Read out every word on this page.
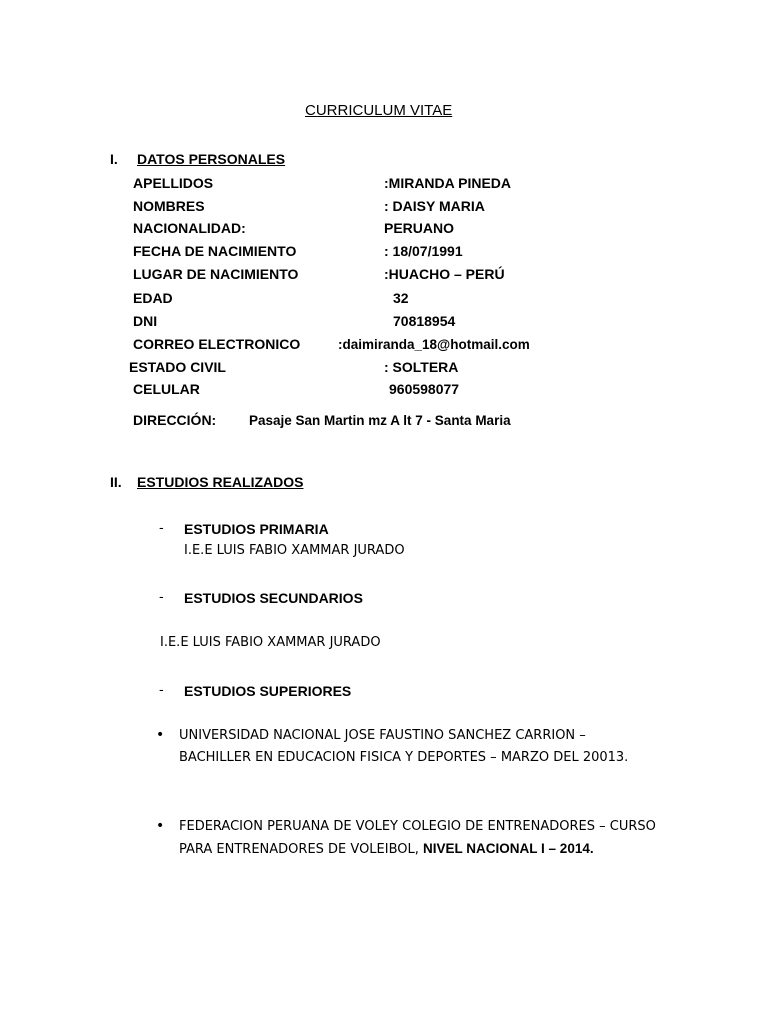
CURRICULUM VITAE
I. DATOS PERSONALES
APELLIDOS	:MIRANDA PINEDA
NOMBRES	: DAISY MARIA
NACIONALIDAD:	PERUANO
FECHA DE NACIMIENTO	: 18/07/1991
LUGAR DE NACIMIENTO	:HUACHO – PERÚ
EDAD	32
DNI	70818954
CORREO ELECTRONICO	:daimiranda_18@hotmail.com
ESTADO CIVIL	: SOLTERA
CELULAR	960598077
DIRECCIÓN: Pasaje San Martin mz A lt 7 - Santa Maria
II. ESTUDIOS REALIZADOS
- ESTUDIOS PRIMARIA
I.E.E LUIS FABIO XAMMAR JURADO
- ESTUDIOS SECUNDARIOS
I.E.E LUIS FABIO XAMMAR JURADO
- ESTUDIOS SUPERIORES
• UNIVERSIDAD NACIONAL JOSE FAUSTINO SANCHEZ CARRION – BACHILLER EN EDUCACION FISICA Y DEPORTES – MARZO DEL 20013.
• FEDERACION PERUANA DE VOLEY COLEGIO DE ENTRENADORES – CURSO PARA ENTRENADORES DE VOLEIBOL, NIVEL NACIONAL I – 2014.
